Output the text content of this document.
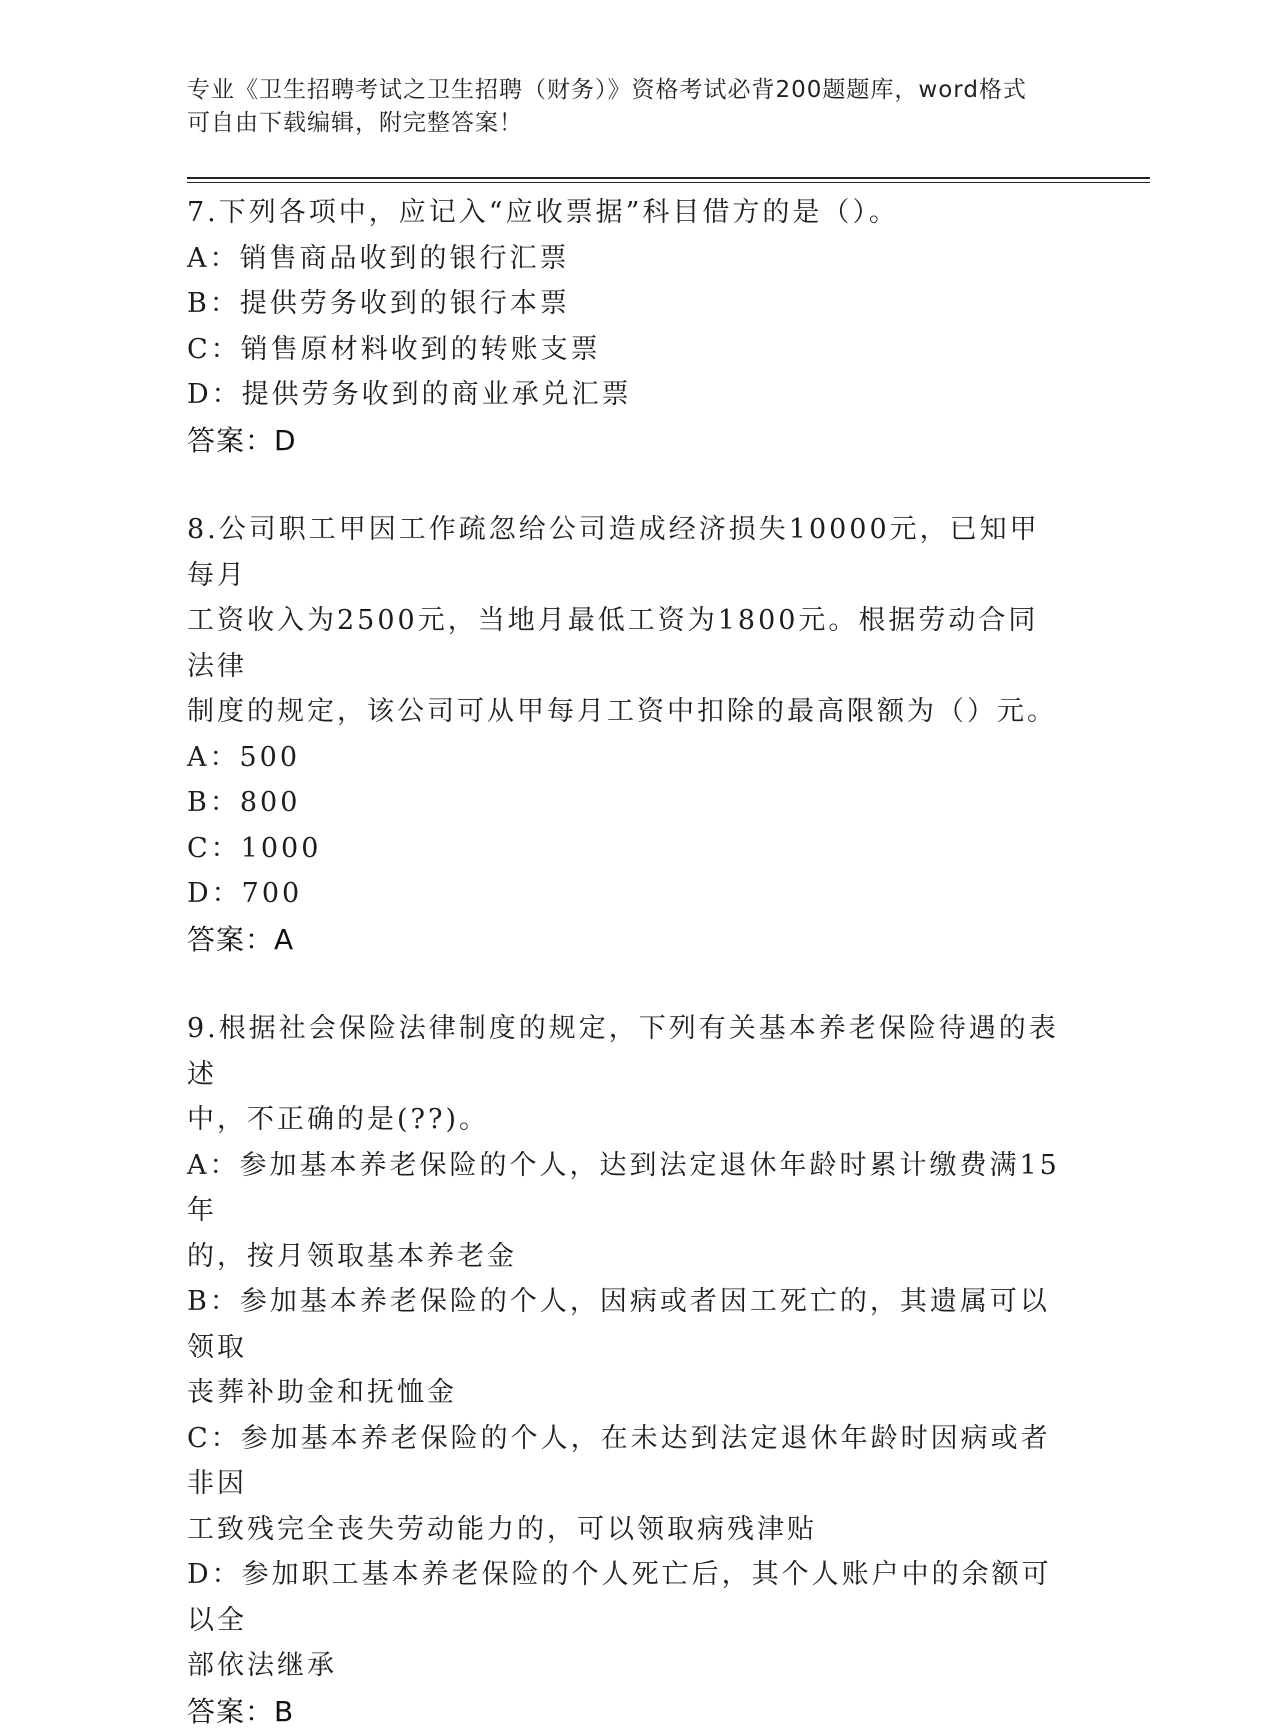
专业《卫生招聘考试之卫生招聘（财务）》资格考试必背200题题库，word格式
可自由下载编辑，附完整答案！

7.下列各项中，应记入“应收票据”科目借方的是（）。

A：销售商品收到的银行汇票

B：提供劳务收到的银行本票

C：销售原材料收到的转账支票

D：提供劳务收到的商业承兑汇票

答案：D

8.公司职工甲因工作疏忽给公司造成经济损失10000元，已知甲每月

工资收入为2500元，当地月最低工资为1800元。根据劳动合同法律

制度的规定，该公司可从甲每月工资中扣除的最高限额为（）元。

A：500

B：800

C：1000

D：700

答案：A

9.根据社会保险法律制度的规定，下列有关基本养老保险待遇的表述

中，不正确的是(??)。

A：参加基本养老保险的个人，达到法定退休年龄时累计缴费满15年

的，按月领取基本养老金

B：参加基本养老保险的个人，因病或者因工死亡的，其遗属可以领取

丧葬补助金和抚恤金

C：参加基本养老保险的个人，在未达到法定退休年龄时因病或者非因

工致残完全丧失劳动能力的，可以领取病残津贴

D：参加职工基本养老保险的个人死亡后，其个人账户中的余额可以全

部依法继承

答案：B
